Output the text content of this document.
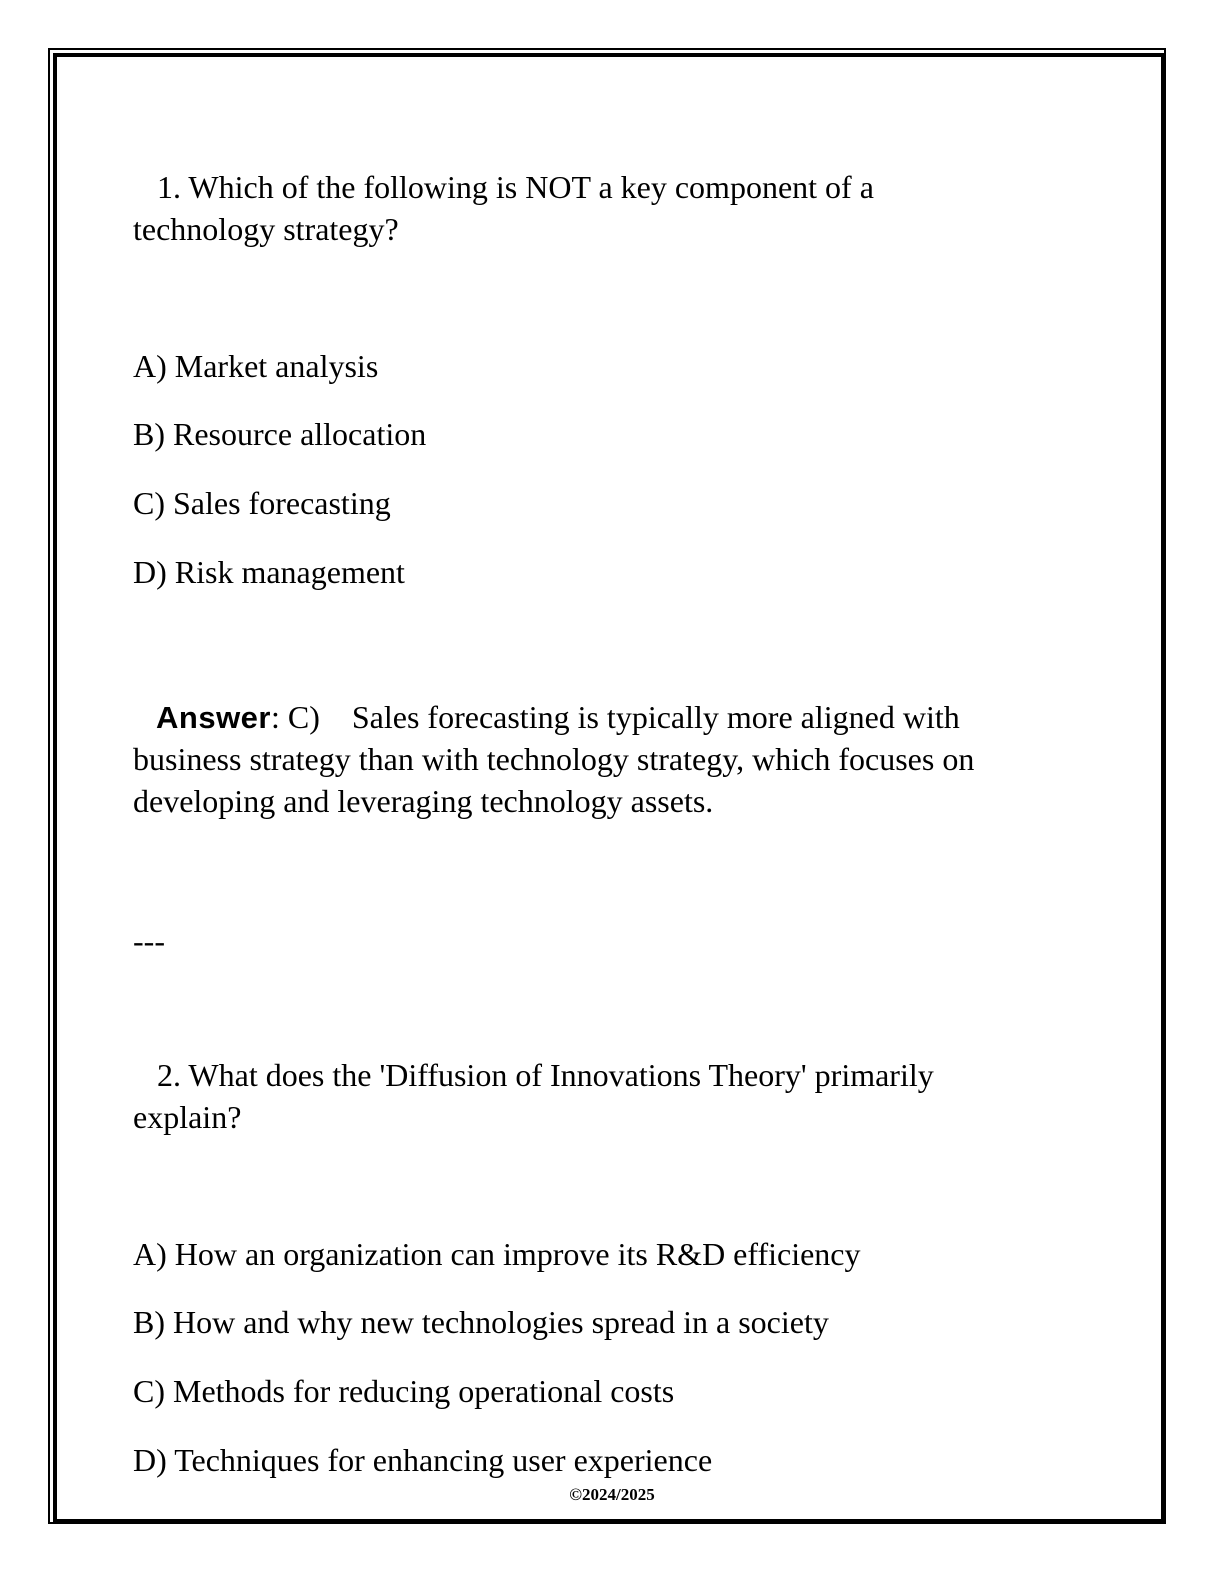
1. Which of the following is NOT a key component of a
technology strategy?
A) Market analysis
B) Resource allocation
C) Sales forecasting
D) Risk management
Answer: C)    Sales forecasting is typically more aligned with
business strategy than with technology strategy, which focuses on
developing and leveraging technology assets.
---
2. What does the 'Diffusion of Innovations Theory' primarily
explain?
A) How an organization can improve its R&D efficiency
B) How and why new technologies spread in a society
C) Methods for reducing operational costs
D) Techniques for enhancing user experience
©2024/2025
